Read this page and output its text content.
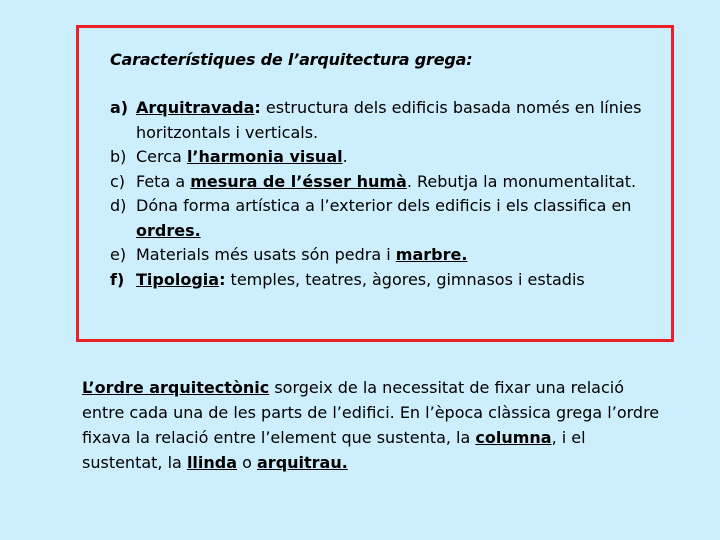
Característiques de l’arquitectura grega:
a) Arquitravada: estructura dels edificis basada només en línies horitzontals i verticals.
b) Cerca l’harmonia visual.
c) Feta a mesura de l’ésser humà. Rebutja la monumentalitat.
d) Dóna forma artística a l’exterior dels edificis i els classifica en ordres.
e) Materials més usats són pedra i marbre.
f) Tipologia: temples, teatres, àgores, gimnasos i estadis
L’ordre arquitectònic sorgeix de la necessitat de fixar una relació entre cada una de les parts de l’edifici. En l’època clàssica grega l’ordre fixava la relació entre l’element que sustenta, la columna, i el sustentat, la llinda o arquitrau.
